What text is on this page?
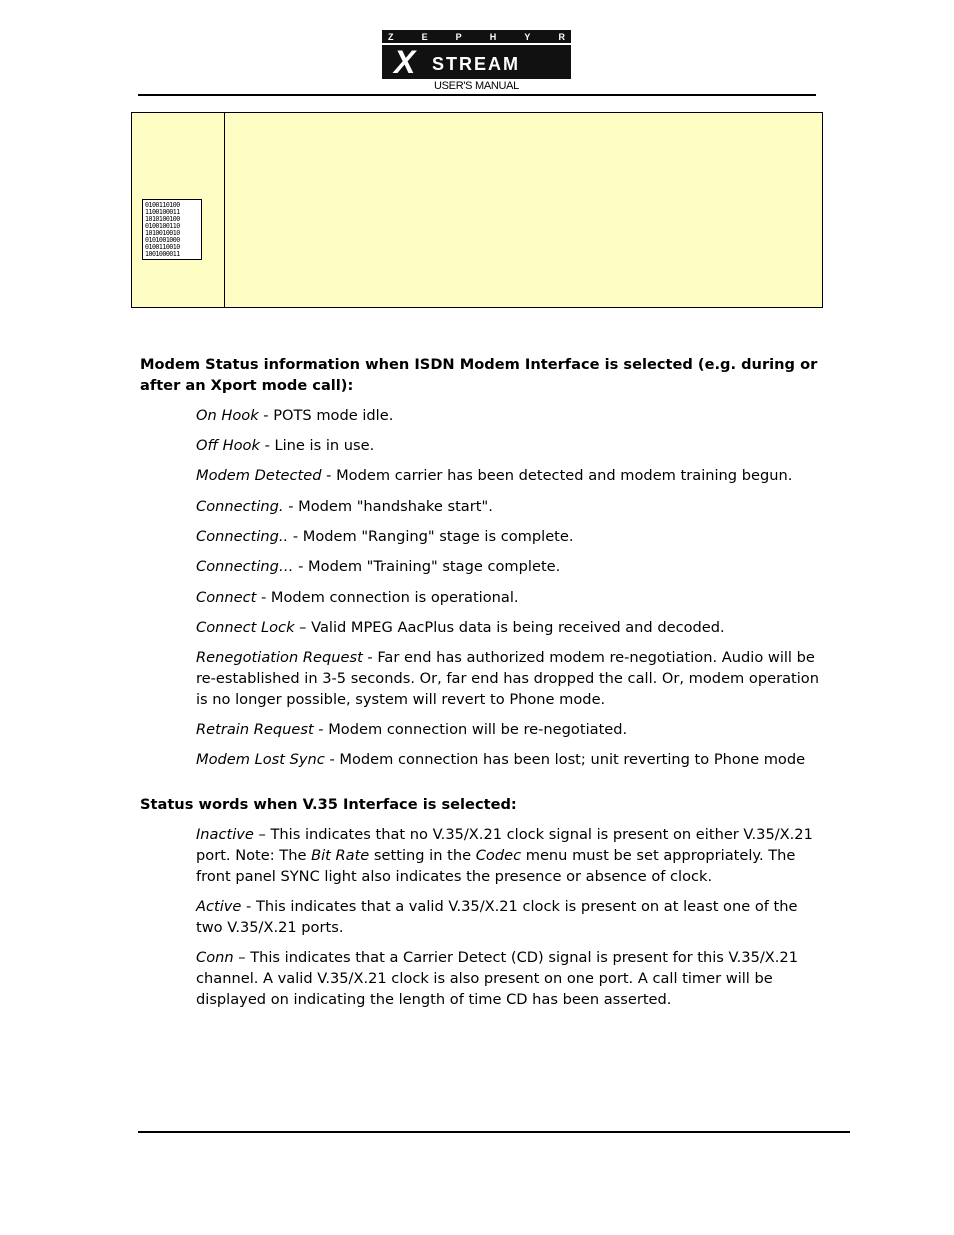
Z	E	P	H	Y	R
X STREAM
USER'S MANUAL
0100110100
1100100011
1010100100
0100100110
1010010010
0101001000
0100110010
1001000011
Modem Status information when ISDN Modem Interface is selected (e.g. during or after an Xport mode call):
On Hook - POTS mode idle.
Off Hook - Line is in use.
Modem Detected - Modem carrier has been detected and modem training begun.
Connecting. - Modem "handshake start".
Connecting.. - Modem "Ranging" stage is complete.
Connecting… - Modem "Training" stage complete.
Connect - Modem connection is operational.
Connect Lock – Valid MPEG AacPlus data is being received and decoded.
Renegotiation Request - Far end has authorized modem re-negotiation. Audio will be re-established in 3-5 seconds. Or, far end has dropped the call. Or, modem operation is no longer possible, system will revert to Phone mode.
Retrain Request - Modem connection will be re-negotiated.
Modem Lost Sync - Modem connection has been lost; unit reverting to Phone mode
Status words when V.35 Interface is selected:
Inactive – This indicates that no V.35/X.21 clock signal is present on either V.35/X.21 port. Note: The Bit Rate setting in the Codec menu must be set appropriately. The front panel SYNC light also indicates the presence or absence of clock.
Active - This indicates that a valid V.35/X.21 clock is present on at least one of the two V.35/X.21 ports.
Conn – This indicates that a Carrier Detect (CD) signal is present for this V.35/X.21 channel. A valid V.35/X.21 clock is also present on one port. A call timer will be displayed on indicating the length of time CD has been asserted.
